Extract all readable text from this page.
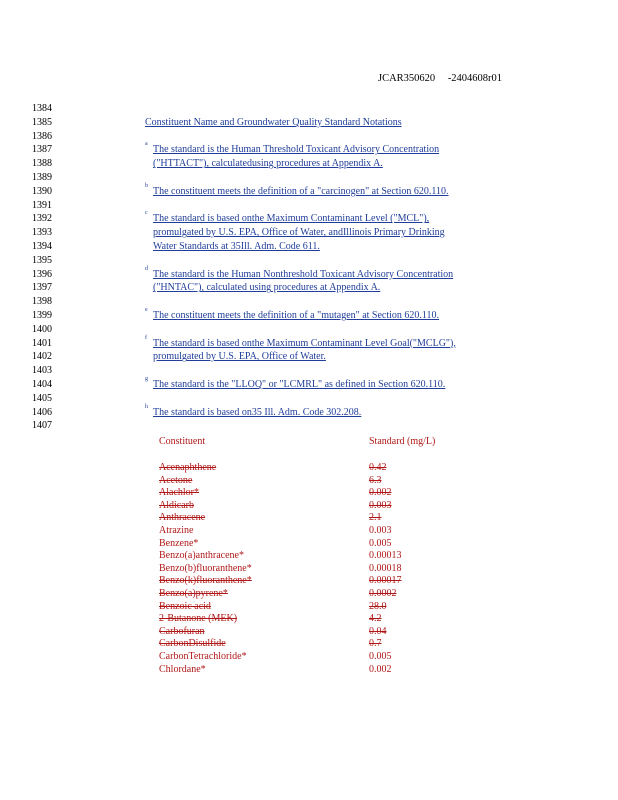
JCAR350620 -2404608r01
1384
1385
1386
1387
1388
1389
1390
1391
1392
1393
1394
1395
1396
1397
1398
1399
1400
1401
1402
1403
1404
1405
1406
1407
Constituent Name and Groundwater Quality Standard Notations
a The standard is the Human Threshold Toxicant Advisory Concentration
("HTTACT"), calculatedusing procedures at Appendix A.
b The constituent meets the definition of a "carcinogen" at Section 620.110.
c The standard is based onthe Maximum Contaminant Level ("MCL"),
promulgated by U.S. EPA, Office of Water, andIllinois Primary Drinking
Water Standards at 35Ill. Adm. Code 611.
d The standard is the Human Nonthreshold Toxicant Advisory Concentration
("HNTAC"), calculated using procedures at Appendix A.
e The constituent meets the definition of a "mutagen" at Section 620.110.
f The standard is based onthe Maximum Contaminant Level Goal("MCLG"),
promulgated by U.S. EPA, Office of Water.
g The standard is the "LLOQ" or "LCMRL" as defined in Section 620.110.
h The standard is based on35 Ill. Adm. Code 302.208.
Constituent	Standard (mg/L)
Acenaphthene	0.42
Acetone	6.3
Alachlor*	0.002
Aldicarb	0.003
Anthracene	2.1
Atrazine	0.003
Benzene*	0.005
Benzo(a)anthracene*	0.00013
Benzo(b)fluoranthene*	0.00018
Benzo(k)fluoranthene*	0.00017
Benzo(a)pyrene*	0.0002
Benzoic acid	28.0
2-Butanone (MEK)	4.2
Carbofuran	0.04
CarbonDisulfide	0.7
CarbonTetrachloride*	0.005
Chlordane*	0.002
